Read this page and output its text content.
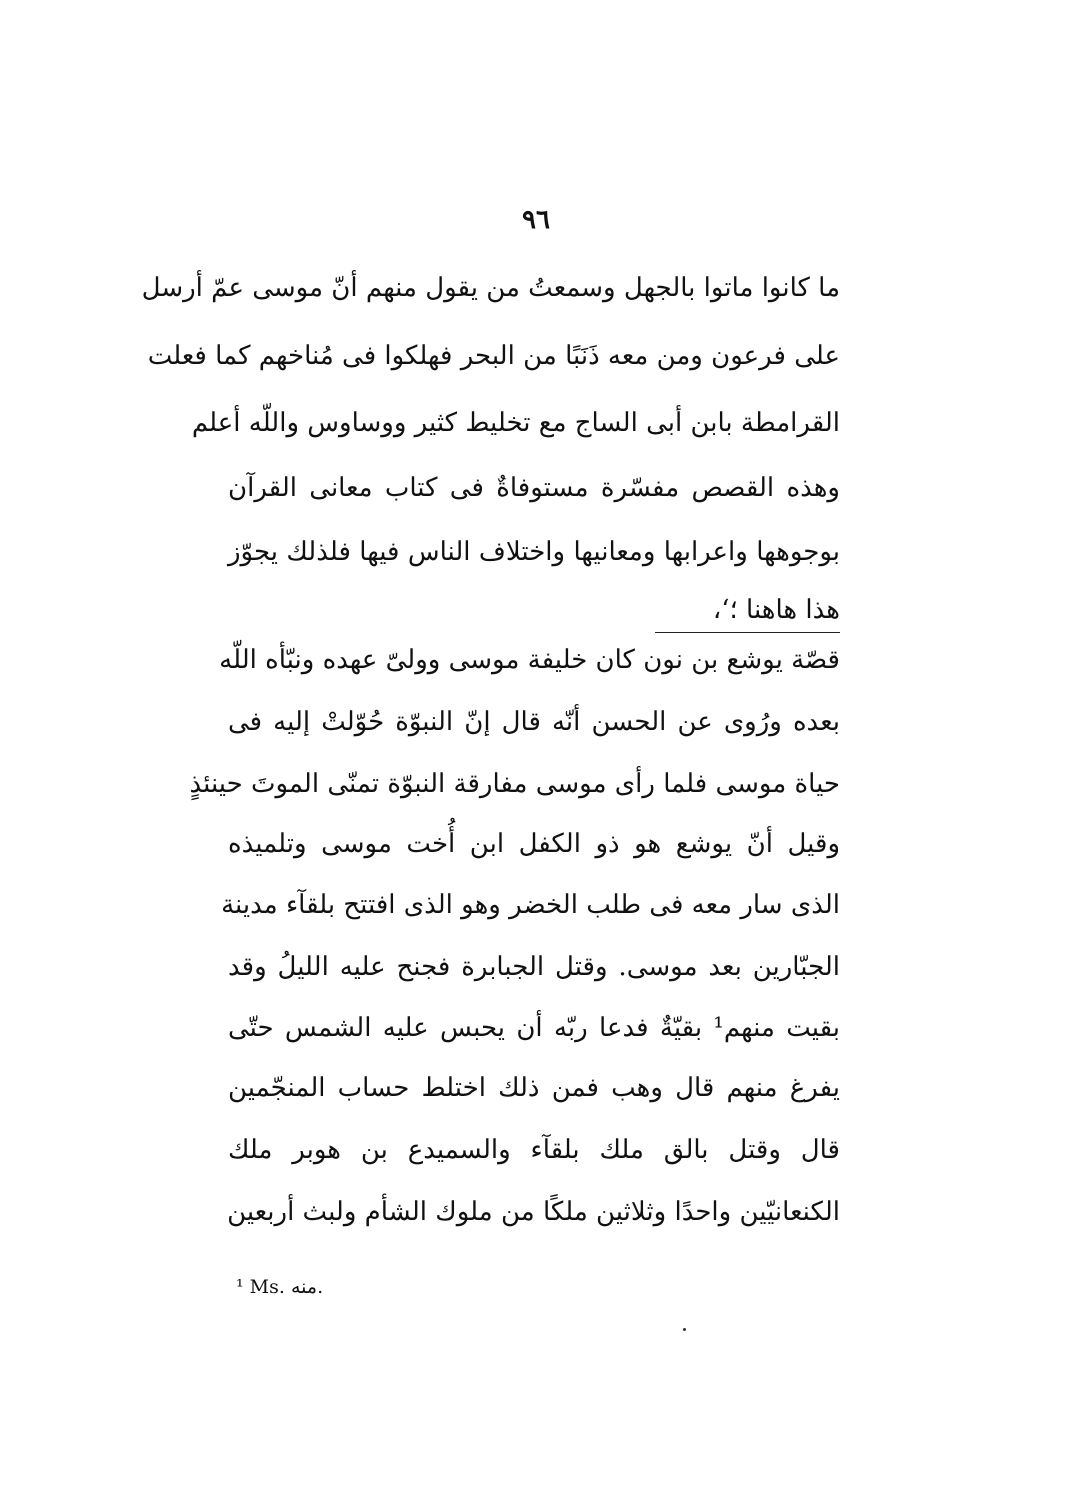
٩٦
ما كانوا ماتوا بالجهل وسمعتُ من يقول منهم أنّ موسى عمّ أرسل
على فرعون ومن معه ذَنَبًا من البحر فهلكوا فى مُناخهم كما فعلت
القرامطة بابن أبى الساج مع تخليط كثير ووساوس واللّه أعلم
وهذه القصص مفسّرة مستوفاةٌ فى كتاب معانى القرآن
بوجوهها واعرابها ومعانيها واختلاف الناس فيها فلذلك يجوّز
هذا هاهنا ؛‘،
قصّة يوشع بن نون كان خليفة موسى وولىّ عهده ونبّأه اللّه
بعده ورُوى عن الحسن أنّه قال إنّ النبوّة حُوّلتْ إليه فى
حياة موسى فلما رأى موسى مفارقة النبوّة تمنّى الموتَ حينئذٍ
وقيل أنّ يوشع هو ذو الكفل ابن أُخت موسى وتلميذه
الذى سار معه فى طلب الخضر وهو الذى افتتح بلقآء مدينة
الجبّارين بعد موسى. وقتل الجبابرة فجنح عليه الليلُ وقد
بقيت منهم¹ بقيّةٌ فدعا ربّه أن يحبس عليه الشمس حتّى
يفرغ منهم قال وهب فمن ذلك اختلط حساب المنجّمين
قال وقتل بالق ملك بلقآء والسميدع بن هوبر ملك
الكنعانيّين واحدًا وثلاثين ملكًا من ملوك الشأم ولبث أربعين
¹ Ms. منه.
